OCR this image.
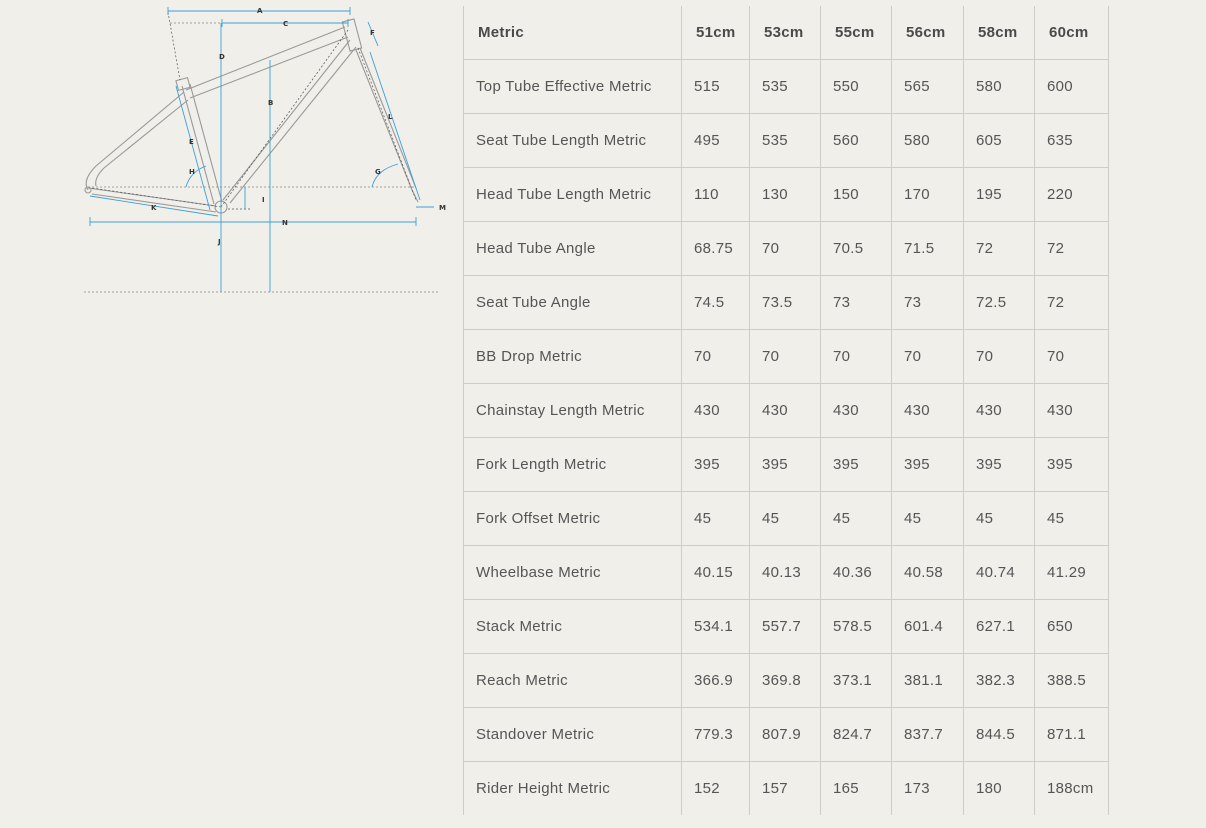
A
B
C
D
E
F
G
H
I
J
K
L
M
N
Metric	51cm	53cm	55cm	56cm	58cm	60cm
Top Tube Effective Metric	515	535	550	565	580	600
Seat Tube Length Metric	495	535	560	580	605	635
Head Tube Length Metric	110	130	150	170	195	220
Head Tube Angle	68.75	70	70.5	71.5	72	72
Seat Tube Angle	74.5	73.5	73	73	72.5	72
BB Drop Metric	70	70	70	70	70	70
Chainstay Length Metric	430	430	430	430	430	430
Fork Length Metric	395	395	395	395	395	395
Fork Offset Metric	45	45	45	45	45	45
Wheelbase Metric	40.15	40.13	40.36	40.58	40.74	41.29
Stack Metric	534.1	557.7	578.5	601.4	627.1	650
Reach Metric	366.9	369.8	373.1	381.1	382.3	388.5
Standover Metric	779.3	807.9	824.7	837.7	844.5	871.1
Rider Height Metric	152	157	165	173	180	188cm
